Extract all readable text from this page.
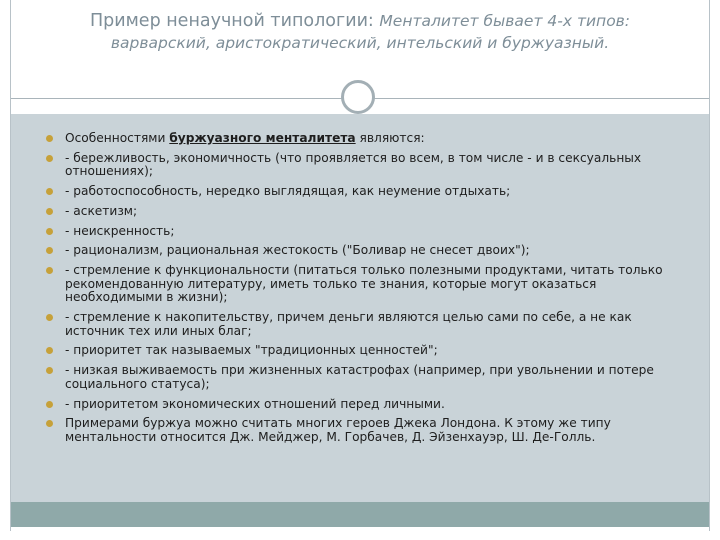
Пример ненаучной типологии: Менталитет бывает 4-х типов: варварский, аристократический, интельский и буржуазный.
Особенностями буржуазного менталитета являются:
- бережливость, экономичность (что проявляется во всем, в том числе - и в сексуальных отношениях);
- работоспособность, нередко выглядящая, как неумение отдыхать;
- аскетизм;
- неискренность;
- рационализм, рациональная жестокость ("Боливар не снесет двоих");
- стремление к функциональности (питаться только полезными продуктами, читать только рекомендованную литературу, иметь только те знания, которые могут оказаться необходимыми в жизни);
- стремление к накопительству, причем деньги являются целью сами по себе, а не как источник тех или иных благ;
- приоритет так называемых "традиционных ценностей";
- низкая выживаемость при жизненных катастрофах (например, при увольнении и потере социального статуса);
- приоритетом экономических отношений перед личными.
Примерами буржуа можно считать многих героев Джека Лондона. К этому же типу ментальности относится Дж. Мейджер, М. Горбачев, Д. Эйзенхауэр, Ш. Де-Голль.
